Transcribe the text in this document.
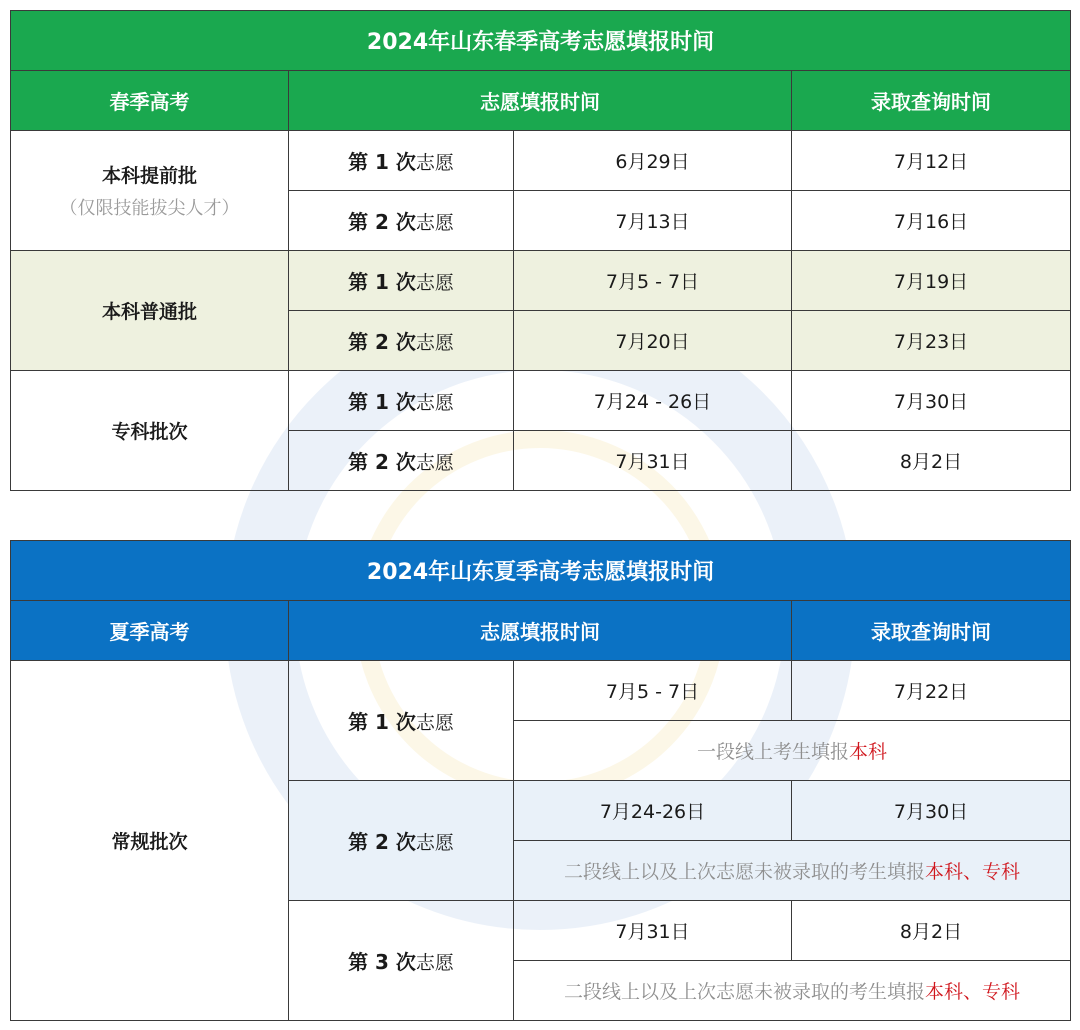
2024年山东春季高考志愿填报时间			
春季高考	志愿填报时间		录取查询时间
本科提前批
（仅限技能拔尖人才）	第 1 次志愿	6月29日	7月12日
	第 2 次志愿	7月13日	7月16日
本科普通批	第 1 次志愿	7月5 - 7日	7月19日
	第 2 次志愿	7月20日	7月23日
专科批次	第 1 次志愿	7月24 - 26日	7月30日
	第 2 次志愿	7月31日	8月2日
2024年山东夏季高考志愿填报时间			
夏季高考	志愿填报时间		录取查询时间
常规批次	第 1 次志愿	7月5 - 7日	7月22日
		一段线上考生填报本科	
	第 2 次志愿	7月24-26日	7月30日
		二段线上以及上次志愿未被录取的考生填报本科、专科	
	第 3 次志愿	7月31日	8月2日
		二段线上以及上次志愿未被录取的考生填报本科、专科	
